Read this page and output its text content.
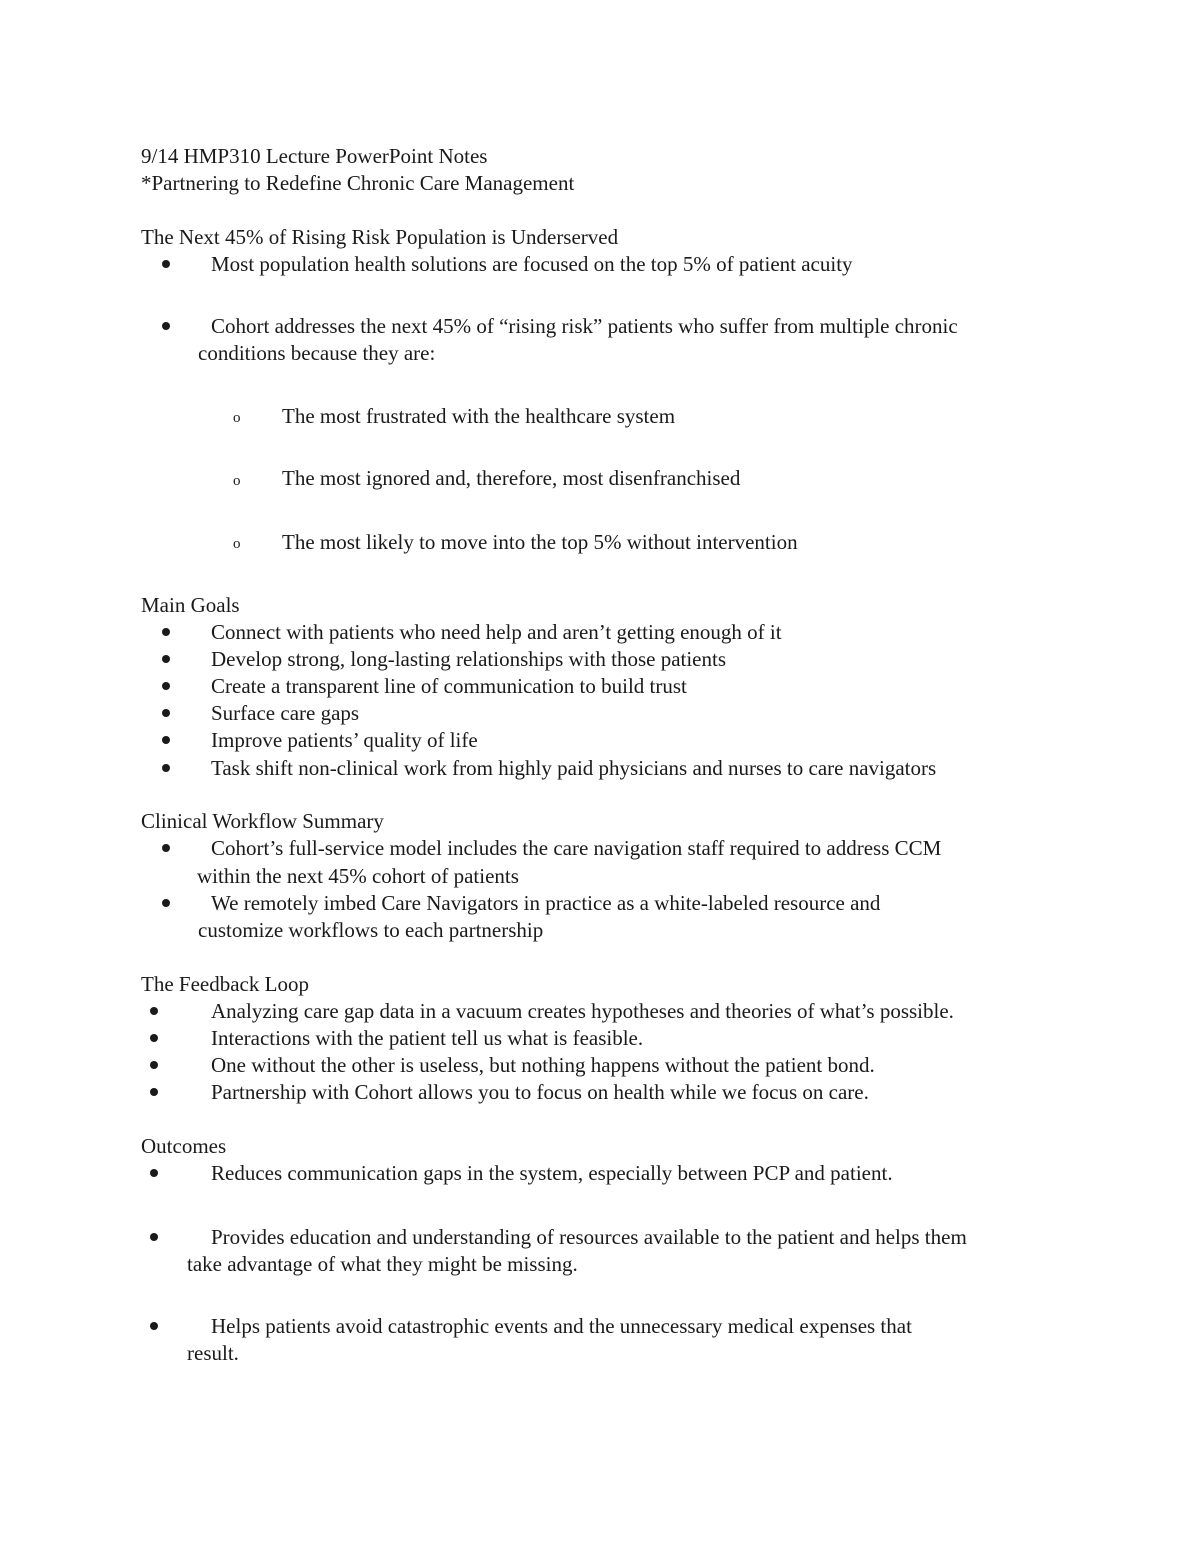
9/14 HMP310 Lecture PowerPoint Notes
*Partnering to Redefine Chronic Care Management
The Next 45% of Rising Risk Population is Underserved
Most population health solutions are focused on the top 5% of patient acuity
Cohort addresses the next 45% of “rising risk” patients who suffer from multiple chronic
conditions because they are:
o The most frustrated with the healthcare system
o The most ignored and, therefore, most disenfranchised
o The most likely to move into the top 5% without intervention
Main Goals
Connect with patients who need help and aren’t getting enough of it
Develop strong, long-lasting relationships with those patients
Create a transparent line of communication to build trust
Surface care gaps
Improve patients’ quality of life
Task shift non-clinical work from highly paid physicians and nurses to care navigators
Clinical Workflow Summary
Cohort’s full-service model includes the care navigation staff required to address CCM
within the next 45% cohort of patients
We remotely imbed Care Navigators in practice as a white-labeled resource and
customize workflows to each partnership
The Feedback Loop
Analyzing care gap data in a vacuum creates hypotheses and theories of what’s possible.
Interactions with the patient tell us what is feasible.
One without the other is useless, but nothing happens without the patient bond.
Partnership with Cohort allows you to focus on health while we focus on care.
Outcomes
Reduces communication gaps in the system, especially between PCP and patient.
Provides education and understanding of resources available to the patient and helps them
take advantage of what they might be missing.
Helps patients avoid catastrophic events and the unnecessary medical expenses that
result.
